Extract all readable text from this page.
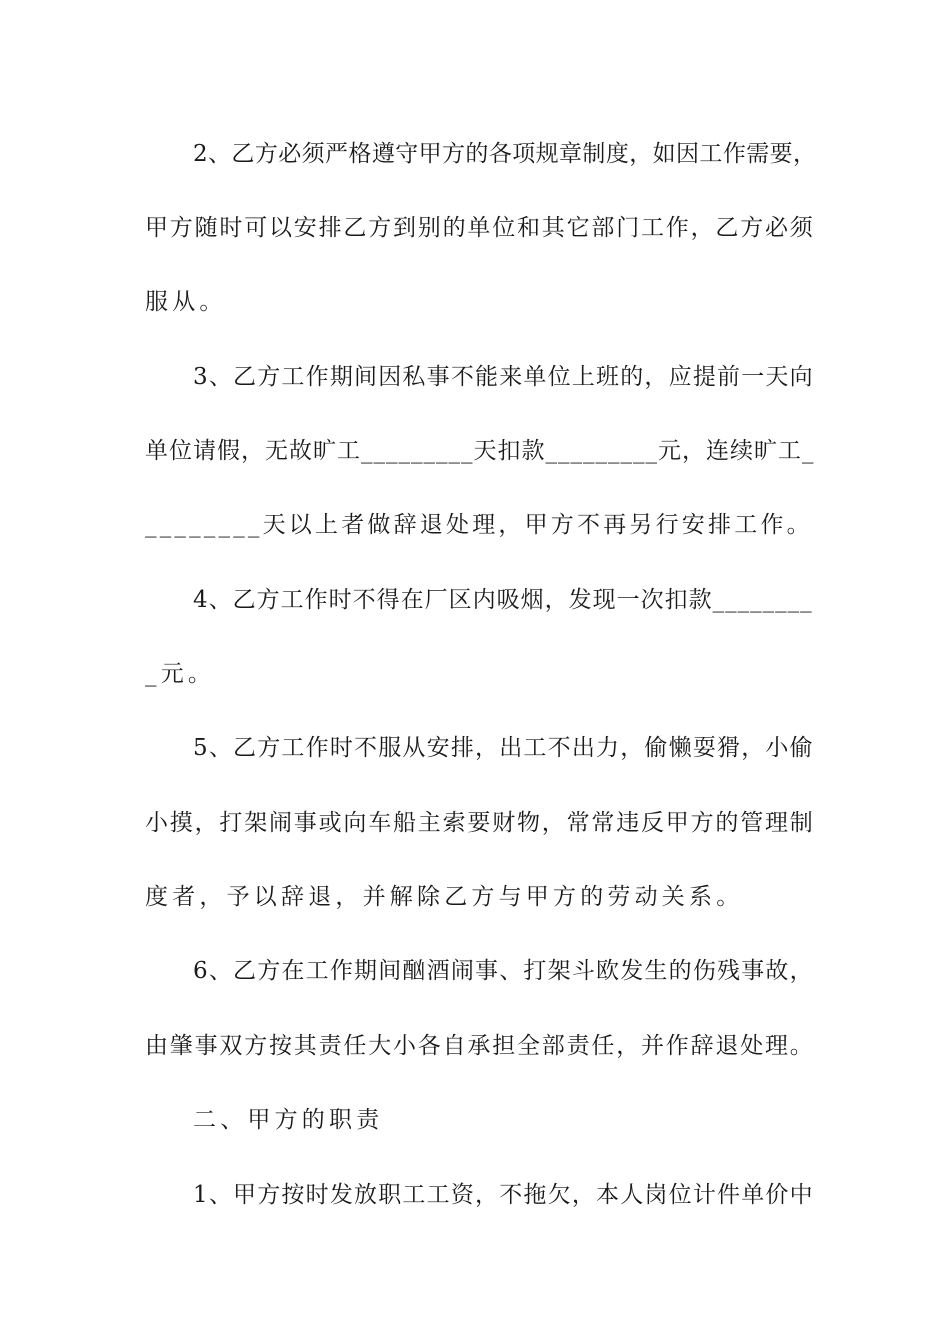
2、乙方必须严格遵守甲方的各项规章制度，如因工作需要，
甲方随时可以安排乙方到别的单位和其它部门工作，乙方必须
服从。
3、乙方工作期间因私事不能来单位上班的，应提前一天向
单位请假，无故旷工_________天扣款_________元，连续旷工_
________天以上者做辞退处理，甲方不再另行安排工作。
4、乙方工作时不得在厂区内吸烟，发现一次扣款________
_元。
5、乙方工作时不服从安排，出工不出力，偷懒耍猾，小偷
小摸，打架闹事或向车船主索要财物，常常违反甲方的管理制
度者，予以辞退，并解除乙方与甲方的劳动关系。
6、乙方在工作期间酗酒闹事、打架斗欧发生的伤残事故，
由肇事双方按其责任大小各自承担全部责任，并作辞退处理。
二、甲方的职责
1、甲方按时发放职工工资，不拖欠，本人岗位计件单价中
